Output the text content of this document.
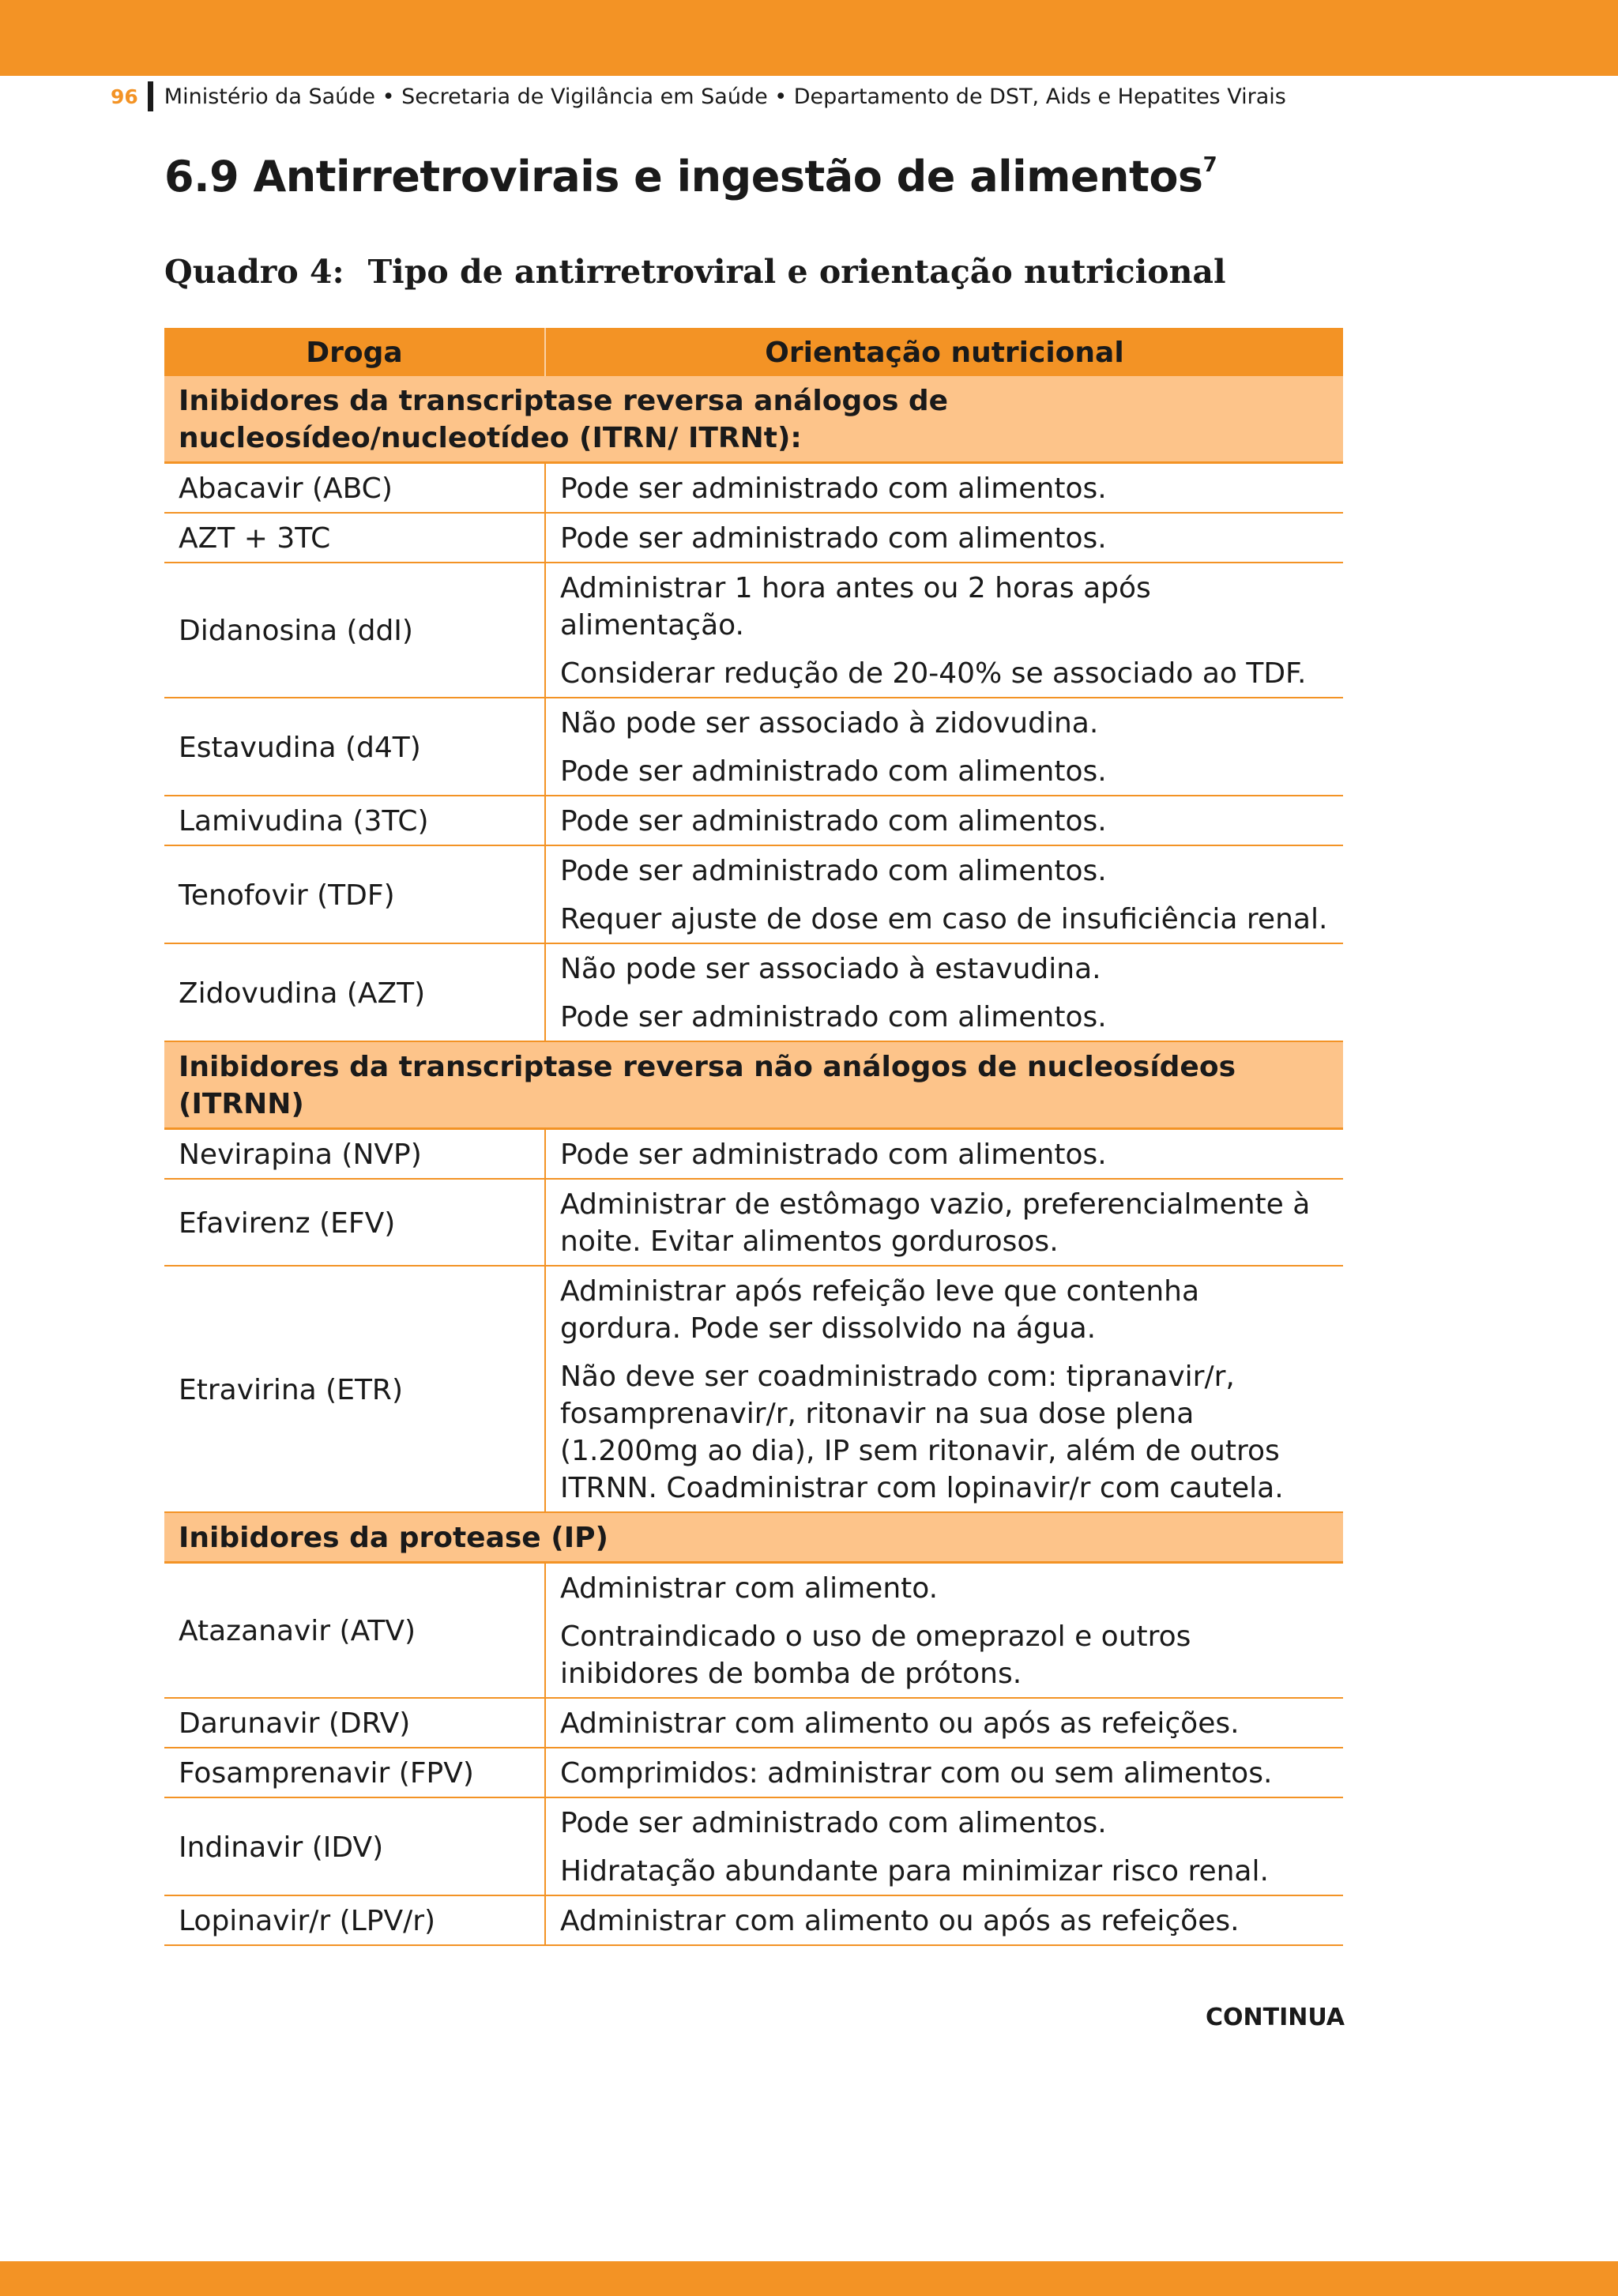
96 Ministério da Saúde • Secretaria de Vigilância em Saúde • Departamento de DST, Aids e Hepatites Virais
6.9 Antirretrovirais e ingestão de alimentos$^7$
Quadro 4: Tipo de antirretroviral e orientação nutricional
Droga	Orientação nutricional
Inibidores da transcriptase reversa análogos de nucleosídeo/nucleotídeo (ITRN/ ITRNt):	
Abacavir (ABC)	Pode ser administrado com alimentos.

AZT + 3TC	Pode ser administrado com alimentos.

Didanosina (ddI)	Administrar 1 hora antes ou 2 horas após alimentação.

Considerar redução de 20-40% se associado ao TDF.

Estavudina (d4T)	Não pode ser associado à zidovudina.

Pode ser administrado com alimentos.

Lamivudina (3TC)	Pode ser administrado com alimentos.

Tenofovir (TDF)	Pode ser administrado com alimentos.

Requer ajuste de dose em caso de insuficiência renal.

Zidovudina (AZT)	Não pode ser associado à estavudina.

Pode ser administrado com alimentos.

Inibidores da transcriptase reversa não análogos de nucleosídeos (ITRNN)	
Nevirapina (NVP)	Pode ser administrado com alimentos.

Efavirenz (EFV)	Administrar de estômago vazio, preferencialmente à noite. Evitar alimentos gordurosos.

Etravirina (ETR)	Administrar após refeição leve que contenha gordura. Pode ser dissolvido na água.

Não deve ser coadministrado com: tipranavir/r, fosamprenavir/r, ritonavir na sua dose plena (1.200mg ao dia), IP sem ritonavir, além de outros ITRNN. Coadministrar com lopinavir/r com cautela.

Inibidores da protease (IP)	
Atazanavir (ATV)	Administrar com alimento.

Contraindicado o uso de omeprazol e outros inibidores de bomba de prótons.

Darunavir (DRV)	Administrar com alimento ou após as refeições.

Fosamprenavir (FPV)	Comprimidos: administrar com ou sem alimentos.

Indinavir (IDV)	Pode ser administrado com alimentos.

Hidratação abundante para minimizar risco renal.

Lopinavir/r (LPV/r)	Administrar com alimento ou após as refeições.

CONTINUA
